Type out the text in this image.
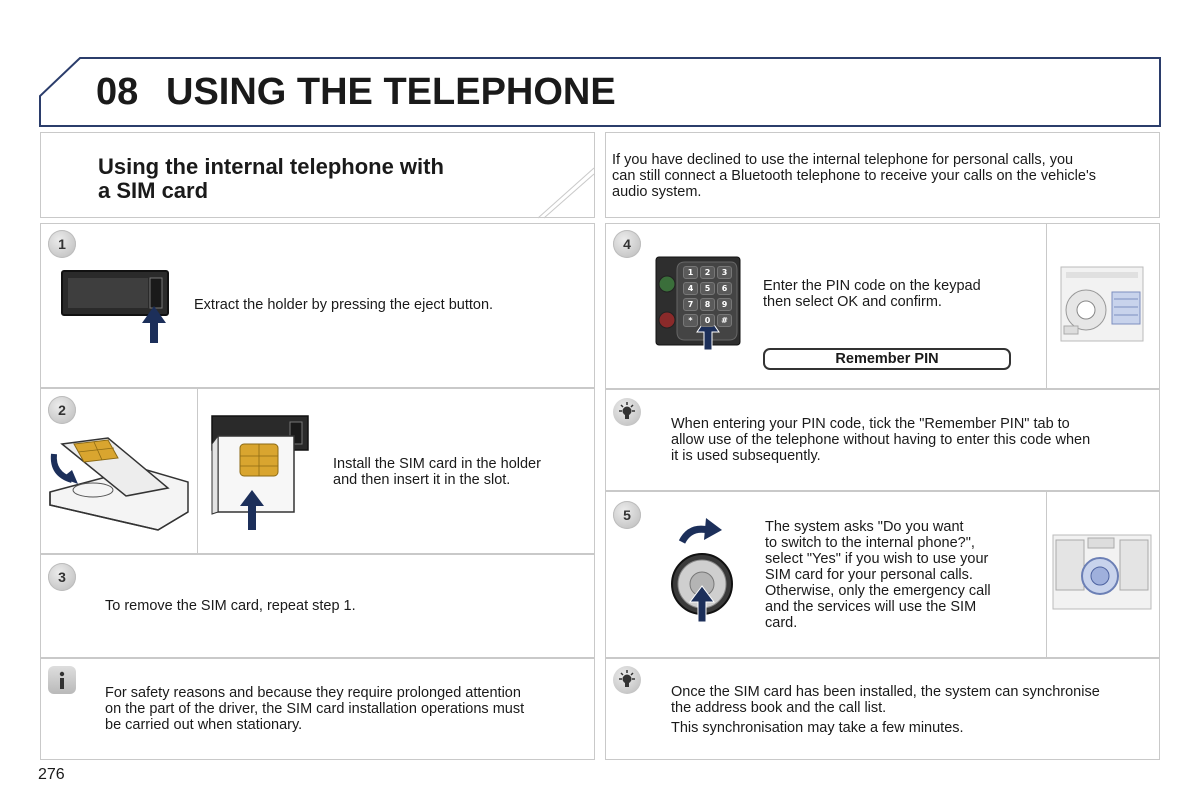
08 USING THE TELEPHONE
Using the internal telephone with
a SIM card
If you have declined to use the internal telephone for personal calls, you
can still connect a Bluetooth telephone to receive your calls on the vehicle's
audio system.
1
Extract the holder by pressing the eject button.
2
Install the SIM card in the holder
and then insert it in the slot.
3
To remove the SIM card, repeat step 1.
For safety reasons and because they require prolonged attention
on the part of the driver, the SIM card installation operations must
be carried out when stationary.
4
1	2	3
4	5	6
7	8	9
*	0	#
Enter the PIN code on the keypad
then select OK and confirm.
Remember PIN
When entering your PIN code, tick the "Remember PIN" tab to
allow use of the telephone without having to enter this code when
it is used subsequently.
5
The system asks "Do you want
to switch to the internal phone?",
select "Yes" if you wish to use your
SIM card for your personal calls.
Otherwise, only the emergency call
and the services will use the SIM
card.
Once the SIM card has been installed, the system can synchronise
the address book and the call list.
This synchronisation may take a few minutes.
276
